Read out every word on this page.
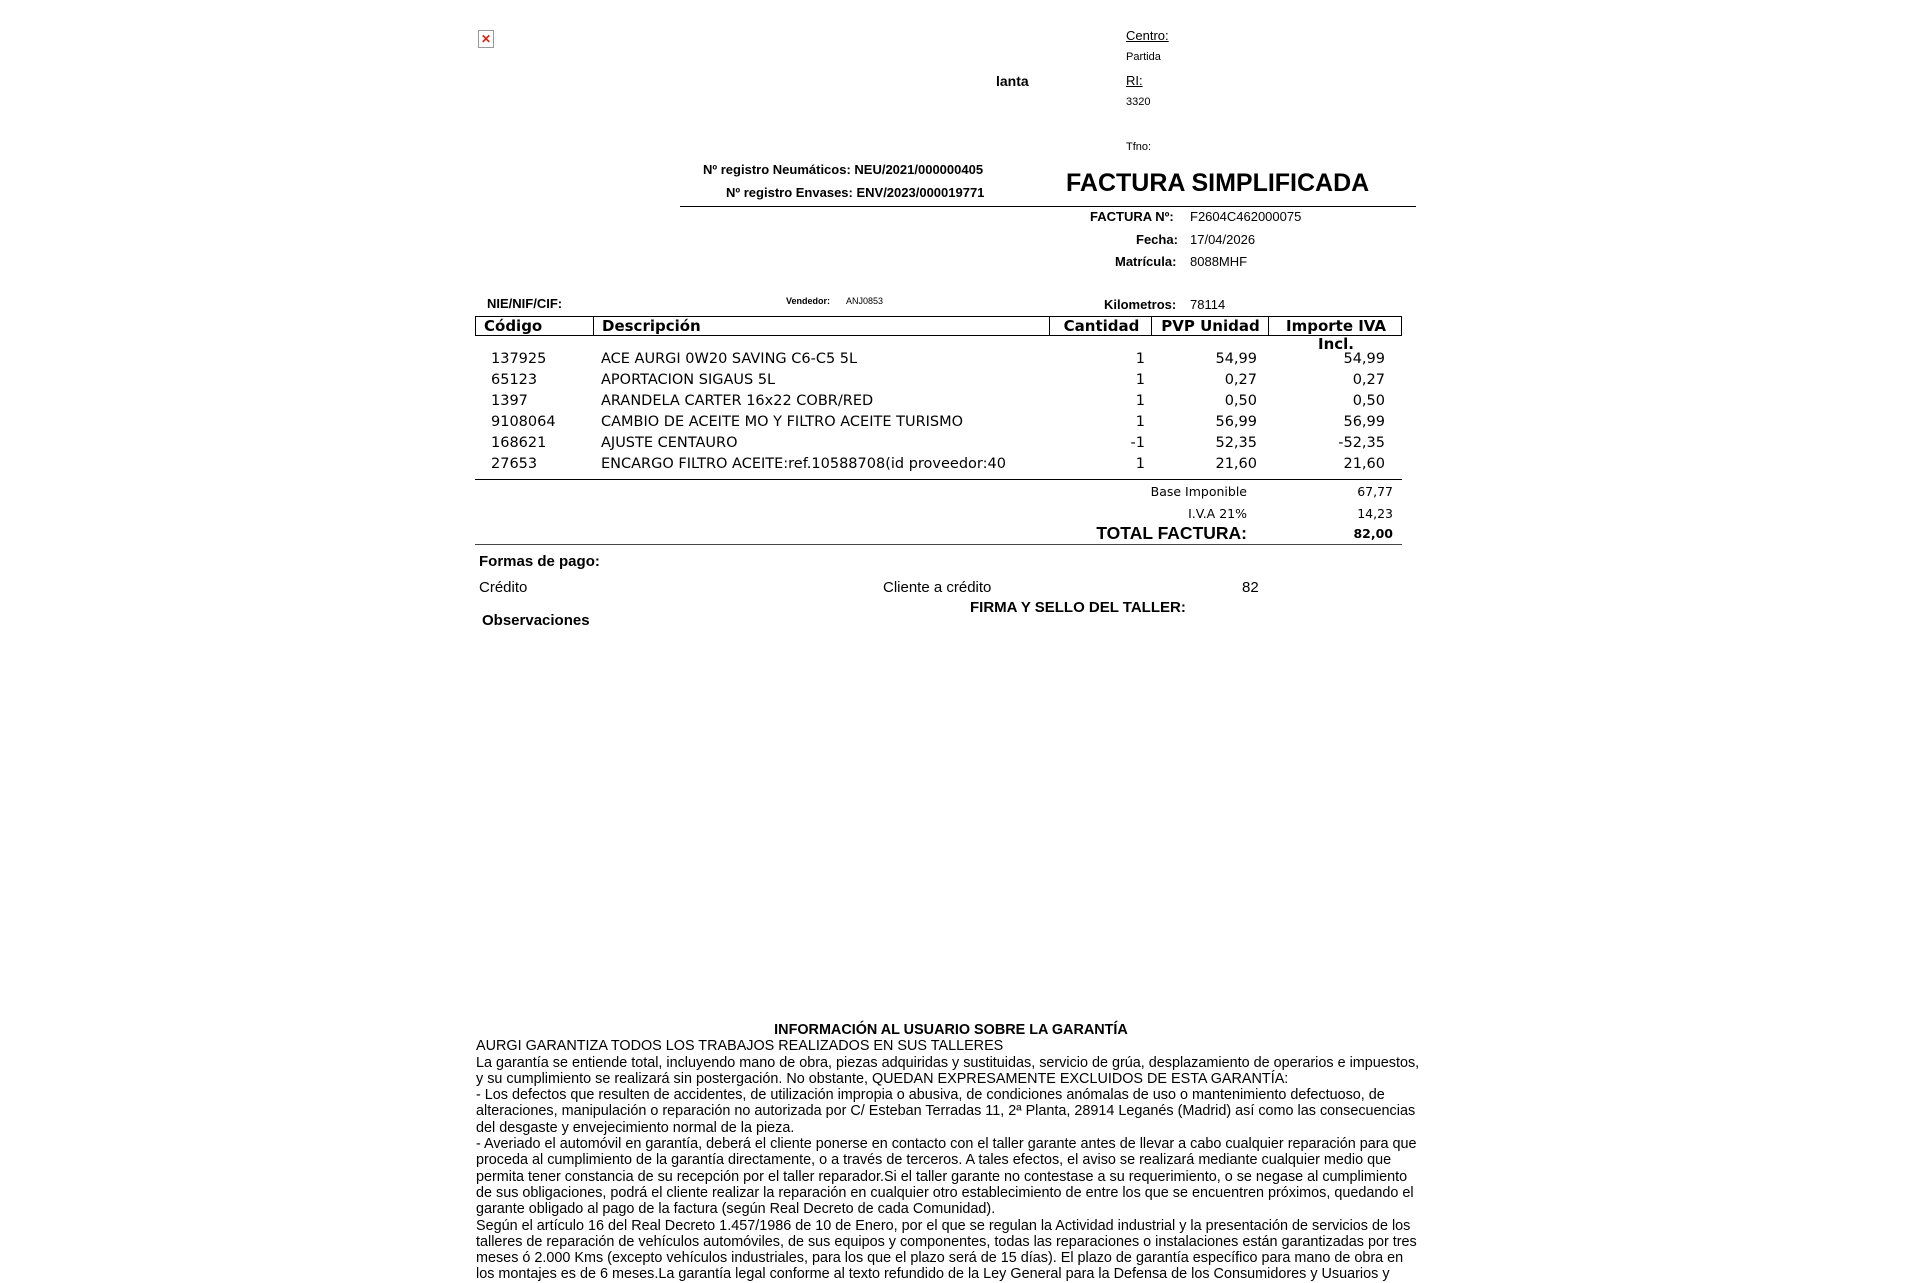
✕	Centro:
Partida
lanta	RI:
3320
Tfno:
Nº registro Neumáticos: NEU/2021/000000405
Nº registro Envases: ENV/2023/000019771	FACTURA SIMPLIFICADA
FACTURA Nº: F2604C462000075
Fecha: 17/04/2026
Matrícula: 8088MHF
NIE/NIF/CIF:	Vendedor: ANJ0853	Kilometros: 78114
Código	Descripción	Cantidad	PVP Unidad	Importe IVA Incl.
137925	ACE AURGI 0W20 SAVING C6-C5 5L	1	54,99	54,99
65123	APORTACION SIGAUS 5L	1	0,27	0,27
1397	ARANDELA CARTER 16x22 COBR/RED	1	0,50	0,50
9108064	CAMBIO DE ACEITE MO Y FILTRO ACEITE TURISMO	1	56,99	56,99
168621	AJUSTE CENTAURO	-1	52,35	-52,35
27653	ENCARGO FILTRO ACEITE:ref.10588708(id proveedor:40	1	21,60	21,60
Base Imponible	67,77
I.V.A 21%	14,23
TOTAL FACTURA:	82,00
Formas de pago:
Crédito	Cliente a crédito	82
FIRMA Y SELLO DEL TALLER:
Observaciones

INFORMACIÓN AL USUARIO SOBRE LA GARANTÍA

AURGI GARANTIZA TODOS LOS TRABAJOS REALIZADOS EN SUS TALLERES

La garantía se entiende total, incluyendo mano de obra, piezas adquiridas y sustituidas, servicio de grúa, desplazamiento de operarios e impuestos,

y su cumplimiento se realizará sin postergación. No obstante, QUEDAN EXPRESAMENTE EXCLUIDOS DE ESTA GARANTÍA:

- Los defectos que resulten de accidentes, de utilización impropia o abusiva, de condiciones anómalas de uso o mantenimiento defectuoso, de

alteraciones, manipulación o reparación no autorizada por C/ Esteban Terradas 11, 2ª Planta, 28914 Leganés (Madrid) así como las consecuencias

del desgaste y envejecimiento normal de la pieza.

- Averiado el automóvil en garantía, deberá el cliente ponerse en contacto con el taller garante antes de llevar a cabo cualquier reparación para que

proceda al cumplimiento de la garantía directamente, o a través de terceros. A tales efectos, el aviso se realizará mediante cualquier medio que

permita tener constancia de su recepción por el taller reparador.Si el taller garante no contestase a su requerimiento, o se negase al cumplimiento

de sus obligaciones, podrá el cliente realizar la reparación en cualquier otro establecimiento de entre los que se encuentren próximos, quedando el

garante obligado al pago de la factura (según Real Decreto de cada Comunidad).

Según el artículo 16 del Real Decreto 1.457/1986 de 10 de Enero, por el que se regulan la Actividad industrial y la presentación de servicios de los

talleres de reparación de vehículos automóviles, de sus equipos y componentes, todas las reparaciones o instalaciones están garantizadas por tres

meses ó 2.000 Kms (excepto vehículos industriales, para los que el plazo será de 15 días). El plazo de garantía específico para mano de obra en

los montajes es de 6 meses.La garantía legal conforme al texto refundido de la Ley General para la Defensa de los Consumidores y Usuarios y
